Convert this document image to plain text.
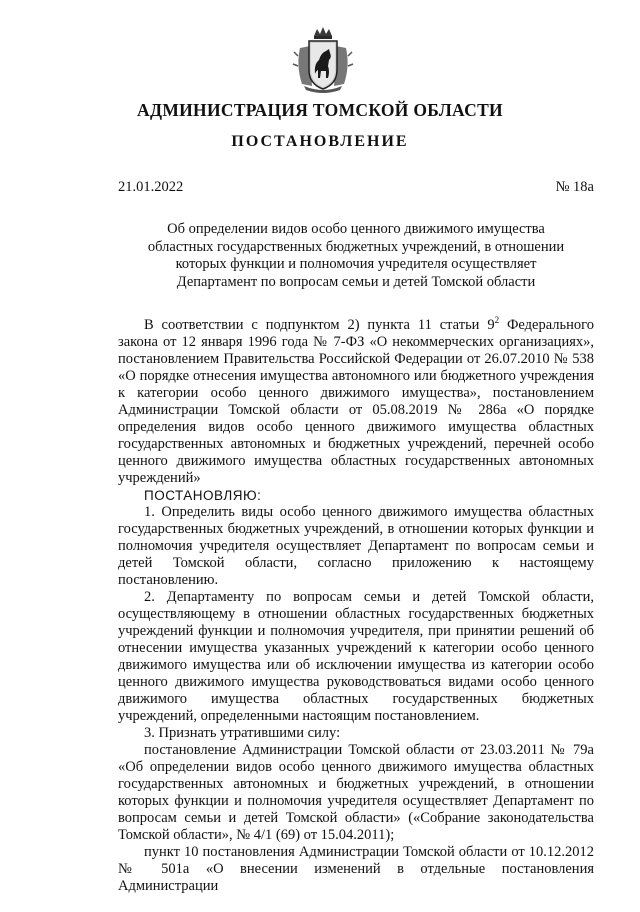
АДМИНИСТРАЦИЯ ТОМСКОЙ ОБЛАСТИ
ПОСТАНОВЛЕНИЕ
21.01.2022	№ 18а
Об определении видов особо ценного движимого имущества
областных государственных бюджетных учреждений, в отношении
которых функции и полномочия учредителя осуществляет
Департамент по вопросам семьи и детей Томской области

В соответствии с подпунктом 2) пункта 11 статьи $9^2$ Федерального закона от 12 января 1996 года № 7-ФЗ «О некоммерческих организациях», постановлением Правительства Российской Федерации от 26.07.2010 № 538 «О порядке отнесения имущества автономного или бюджетного учреждения к категории особо ценного движимого имущества», постановлением Администрации Томской области от 05.08.2019 № 286а «О порядке определения видов особо ценного движимого имущества областных государственных автономных и бюджетных учреждений, перечней особо ценного движимого имущества областных государственных автономных учреждений»

ПОСТАНОВЛЯЮ:

1. Определить виды особо ценного движимого имущества областных государственных бюджетных учреждений, в отношении которых функции и полномочия учредителя осуществляет Департамент по вопросам семьи и детей Томской области, согласно приложению к настоящему постановлению.

2. Департаменту по вопросам семьи и детей Томской области, осуществляющему в отношении областных государственных бюджетных учреждений функции и полномочия учредителя, при принятии решений об отнесении имущества указанных учреждений к категории особо ценного движимого имущества или об исключении имущества из категории особо ценного движимого имущества руководствоваться видами особо ценного движимого имущества областных государственных бюджетных учреждений, определенными настоящим постановлением.

3. Признать утратившими силу:

постановление Администрации Томской области от 23.03.2011 № 79а «Об определении видов особо ценного движимого имущества областных государственных автономных и бюджетных учреждений, в отношении которых функции и полномочия учредителя осуществляет Департамент по вопросам семьи и детей Томской области» («Собрание законодательства Томской области», № 4/1 (69) от 15.04.2011);

пункт 10 постановления Администрации Томской области от 10.12.2012 № 501а «О внесении изменений в отдельные постановления Администрации
